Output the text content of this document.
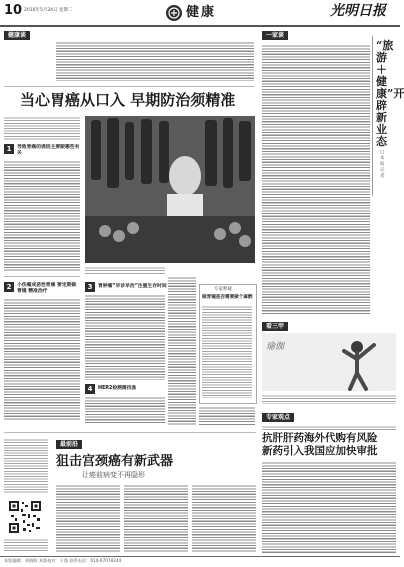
10 2016年5月24日 星期二	健康	光明日报
健康谈
当心胃癌从口入 早期防治须精准
1	导致胃癌的诱因主要跟哪些有关
2	小伤瘤成恶性胃癌 要定期做胃镜 精准治疗
3	胃肿瘤“早诊早治”注重生存时间
4	HER2检测需找准
专家释疑
做胃镜是否需要做个麻醉
一家谈
“旅游＋健康”开辟新业态
□ 本报记者
看三甲
瑜伽
专家观点
抗肝肝药海外代购有风险
新药引入我国应加快审批
最前沿
狙击宫颈癌有新武器
让癌前病变不再隐形
本版编辑：周晓辉 本版校对：于俊 联系电话：010-67078244
